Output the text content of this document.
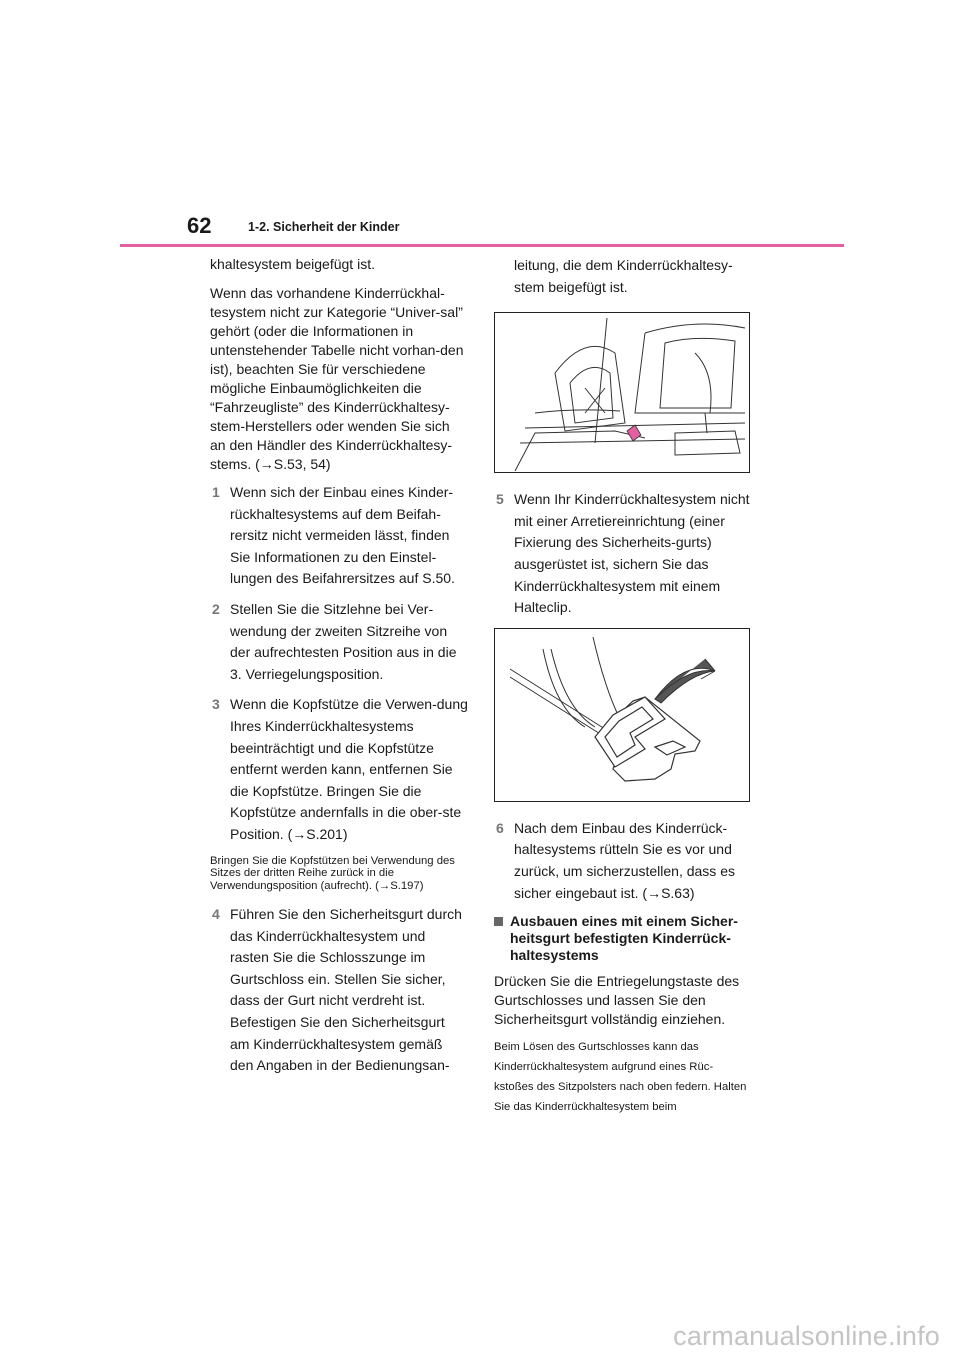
62	1-2. Sicherheit der Kinder

khaltesystem beigefügt ist.

Wenn das vorhandene Kinderrückhal-tesystem nicht zur Kategorie “Univer-sal” gehört (oder die Informationen in untenstehender Tabelle nicht vorhan-den ist), beachten Sie für verschiedene mögliche Einbaumöglichkeiten die “Fahrzeugliste” des Kinderrückhaltesy-stem-Herstellers oder wenden Sie sich an den Händler des Kinderrückhaltesy-stems. (→S.53, 54)

1 Wenn sich der Einbau eines Kinder-rückhaltesystems auf dem Beifah-rersitz nicht vermeiden lässt, finden Sie Informationen zu den Einstel-lungen des Beifahrersitzes auf S.50.
2 Stellen Sie die Sitzlehne bei Ver-wendung der zweiten Sitzreihe von der aufrechtesten Position aus in die 3. Verriegelungsposition.
3 Wenn die Kopfstütze die Verwen-dung Ihres Kinderrückhaltesystems beeinträchtigt und die Kopfstütze entfernt werden kann, entfernen Sie die Kopfstütze. Bringen Sie die Kopfstütze andernfalls in die ober-ste Position. (→S.201)

Bringen Sie die Kopfstützen bei Verwendung des Sitzes der dritten Reihe zurück in die Verwendungsposition (aufrecht). (→S.197)

4 Führen Sie den Sicherheitsgurt durch das Kinderrückhaltesystem und rasten Sie die Schlosszunge im Gurtschloss ein. Stellen Sie sicher, dass der Gurt nicht verdreht ist. Befestigen Sie den Sicherheitsgurt am Kinderrückhaltesystem gemäß den Angaben in der Bedienungsan-
leitung, die dem Kinderrückhaltesy-stem beigefügt ist.
5 Wenn Ihr Kinderrückhaltesystem nicht mit einer Arretiereinrichtung (einer Fixierung des Sicherheits-gurts) ausgerüstet ist, sichern Sie das Kinderrückhaltesystem mit einem Halteclip.
6 Nach dem Einbau des Kinderrück-haltesystems rütteln Sie es vor und zurück, um sicherzustellen, dass es sicher eingebaut ist. (→S.63)
Ausbauen eines mit einem Sicher-heitsgurt befestigten Kinderrück-haltesystems

Drücken Sie die Entriegelungstaste des Gurtschlosses und lassen Sie den Sicherheitsgurt vollständig einziehen.

Beim Lösen des Gurtschlosses kann das Kinderrückhaltesystem aufgrund eines Rüc-kstoßes des Sitzpolsters nach oben federn. Halten Sie das Kinderrückhaltesystem beim

carmanualsonline.info
